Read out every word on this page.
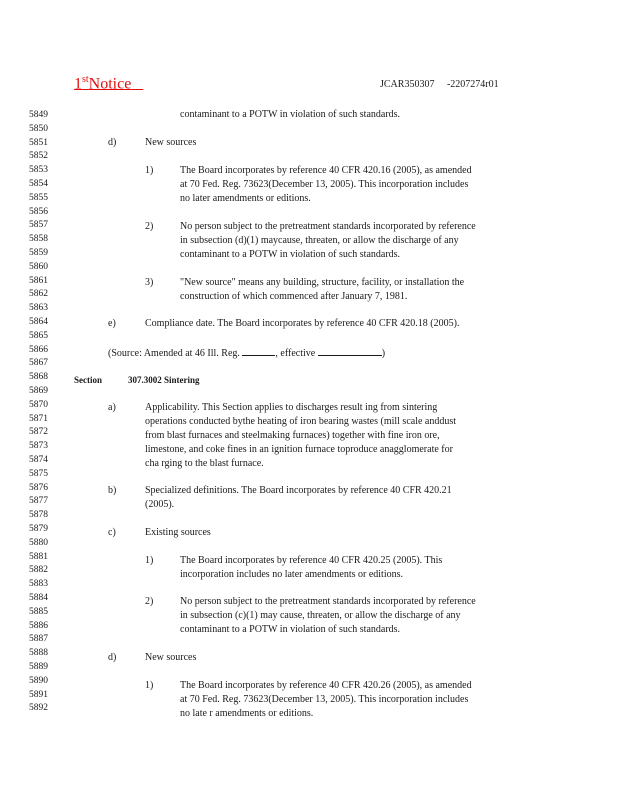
1stNotice	JCAR350307     -2207274r01
5849
5850
5851
5852
5853
5854
5855
5856
5857
5858
5859
5860
5861
5862
5863
5864
5865
5866
5867
5868
5869
5870
5871
5872
5873
5874
5875
5876
5877
5878
5879
5880
5881
5882
5883
5884
5885
5886
5887
5888
5889
5890
5891
5892
contaminant to a POTW in violation of such standards.
d)	New sources
1)	The Board incorporates by reference 40 CFR 420.16 (2005), as amended
at 70 Fed. Reg. 73623(December 13, 2005). This incorporation includes
no later amendments or editions.
2)	No person subject to the pretreatment standards incorporated by reference
in subsection (d)(1) maycause, threaten, or allow the discharge of any
contaminant to a POTW in violation of such standards.
3)	"New source" means any building, structure, facility, or installation the
construction of which commenced after January 7, 1981.
e)	Compliance date. The Board incorporates by reference 40 CFR 420.18 (2005).
(Source: Amended at 46 Ill. Reg.	, effective	)
Section	307.3002 Sintering
a)	Applicability. This Section applies to discharges result ing from sintering
operations conducted bythe heating of iron bearing wastes (mill scale anddust
from blast furnaces and steelmaking furnaces) together with fine iron ore,
limestone, and coke fines in an ignition furnace toproduce anagglomerate for
cha rging to the blast furnace.
b)	Specialized definitions. The Board incorporates by reference 40 CFR 420.21
(2005).
c)	Existing sources
1)	The Board incorporates by reference 40 CFR 420.25 (2005). This
incorporation includes no later amendments or editions.
2)	No person subject to the pretreatment standards incorporated by reference
in subsection (c)(1) may cause, threaten, or allow the discharge of any
contaminant to a POTW in violation of such standards.
d)	New sources
1)	The Board incorporates by reference 40 CFR 420.26 (2005), as amended
at 70 Fed. Reg. 73623(December 13, 2005). This incorporation includes
no late r amendments or editions.
